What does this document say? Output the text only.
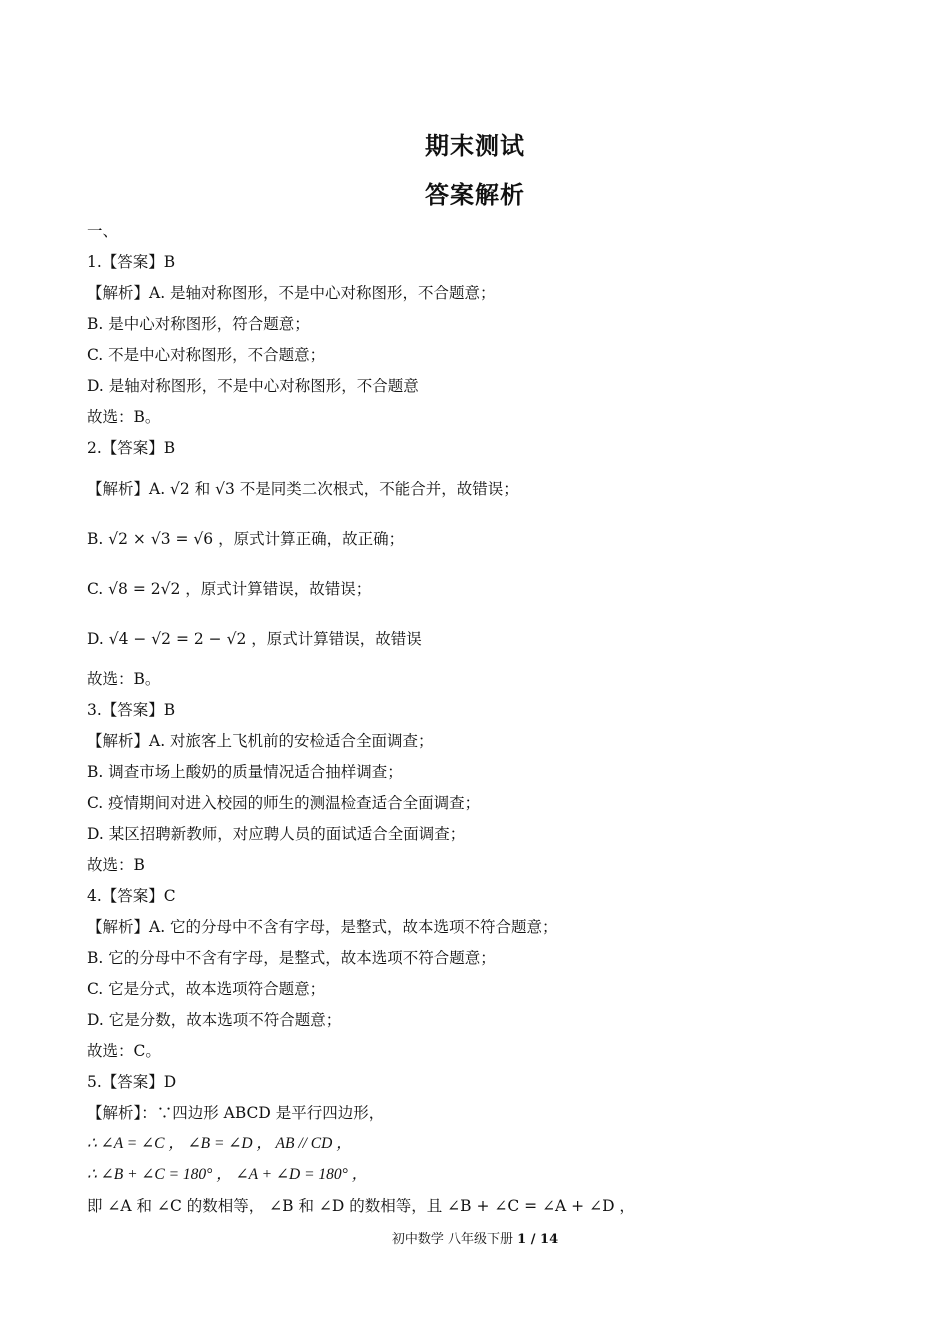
期末测试
答案解析
一、
1.【答案】B
【解析】A. 是轴对称图形，不是中心对称图形，不合题意；
B. 是中心对称图形，符合题意；
C. 不是中心对称图形，不合题意；
D. 是轴对称图形，不是中心对称图形，不合题意
故选：B。
2.【答案】B
【解析】A. √2 和 √3 不是同类二次根式，不能合并，故错误；
B. √2 × √3 = √6 ，原式计算正确，故正确；
C. √8 = 2√2 ，原式计算错误，故错误；
D. √4 − √2 = 2 − √2 ，原式计算错误，故错误
故选：B。
3.【答案】B
【解析】A. 对旅客上飞机前的安检适合全面调查；
B. 调查市场上酸奶的质量情况适合抽样调查；
C. 疫情期间对进入校园的师生的测温检查适合全面调查；
D. 某区招聘新教师，对应聘人员的面试适合全面调查；
故选：B
4.【答案】C
【解析】A. 它的分母中不含有字母，是整式，故本选项不符合题意；
B. 它的分母中不含有字母，是整式，故本选项不符合题意；
C. 它是分式，故本选项符合题意；
D. 它是分数，故本选项不符合题意；
故选：C。
5.【答案】D
【解析】：∵四边形 ABCD 是平行四边形，
∴ ∠A = ∠C ， ∠B = ∠D ， AB // CD ，
∴ ∠B + ∠C = 180° ， ∠A + ∠D = 180° ，
即 ∠A 和 ∠C 的数相等， ∠B 和 ∠D 的数相等，且 ∠B + ∠C = ∠A + ∠D ，
初中数学 八年级下册 1 / 14
